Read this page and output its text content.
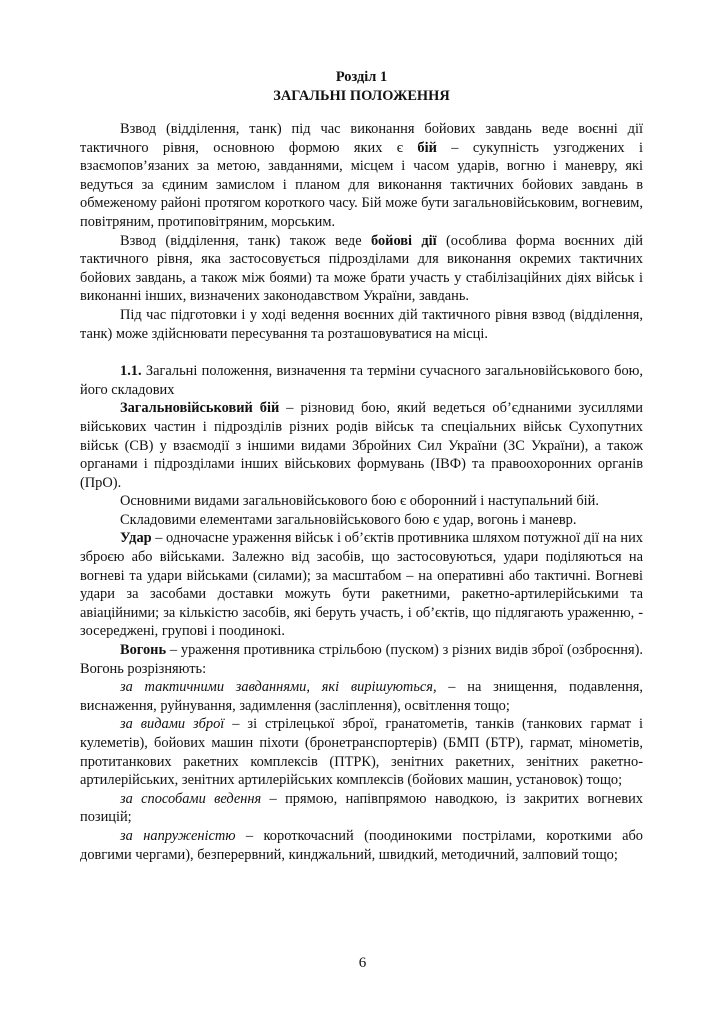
Розділ 1
ЗАГАЛЬНІ ПОЛОЖЕННЯ

Взвод (відділення, танк) під час виконання бойових завдань веде воєнні дії тактичного рівня, основною формою яких є бій – сукупність узгоджених і взаємопов’язаних за метою, завданнями, місцем і часом ударів, вогню і маневру, які ведуться за єдиним замислом і планом для виконання тактичних бойових завдань в обмеженому районі протягом короткого часу. Бій може бути загальновійськовим, вогневим, повітряним, протиповітряним, морським.

Взвод (відділення, танк) також веде бойові дії (особлива форма воєнних дій тактичного рівня, яка застосовується підрозділами для виконання окремих тактичних бойових завдань, а також між боями) та може брати участь у стабілізаційних діях військ і виконанні інших, визначених законодавством України, завдань.

Під час підготовки і у ході ведення воєнних дій тактичного рівня взвод (відділення, танк) може здійснювати пересування та розташовуватися на місці.

1.1. Загальні положення, визначення та терміни сучасного загальновійськового бою, його складових

Загальновійськовий бій – різновид бою, який ведеться об’єднаними зусиллями військових частин і підрозділів різних родів військ та спеціальних військ Сухопутних військ (СВ) у взаємодії з іншими видами Збройних Сил України (ЗС України), а також органами і підрозділами інших військових формувань (ІВФ) та правоохоронних органів (ПрО).

Основними видами загальновійськового бою є оборонний і наступальний бій.

Складовими елементами загальновійськового бою є удар, вогонь і маневр.

Удар – одночасне ураження військ і об’єктів противника шляхом потужної дії на них зброєю або військами. Залежно від засобів, що застосовуються, удари поділяються на вогневі та удари військами (силами); за масштабом – на оперативні або тактичні. Вогневі удари за засобами доставки можуть бути ракетними, ракетно-артилерійськими та авіаційними; за кількістю засобів, які беруть участь, і об’єктів, що підлягають ураженню, - зосереджені, групові і поодинокі.

Вогонь – ураження противника стрільбою (пуском) з різних видів зброї (озброєння). Вогонь розрізняють:

за тактичними завданнями, які вирішуються, – на знищення, подавлення, виснаження, руйнування, задимлення (засліплення), освітлення тощо;

за видами зброї – зі стрілецької зброї, гранатометів, танків (танкових гармат і кулеметів), бойових машин піхоти (бронетранспортерів) (БМП (БТР), гармат, мінометів, протитанкових ракетних комплексів (ПТРК), зенітних ракетних, зенітних ракетно-артилерійських, зенітних артилерійських комплексів (бойових машин, установок) тощо;

за способами ведення – прямою, напівпрямою наводкою, із закритих вогневих позицій;

за напруженістю – короткочасний (поодинокими пострілами, короткими або довгими чергами), безперервний, кинджальний, швидкий, методичний, залповий тощо;

6
